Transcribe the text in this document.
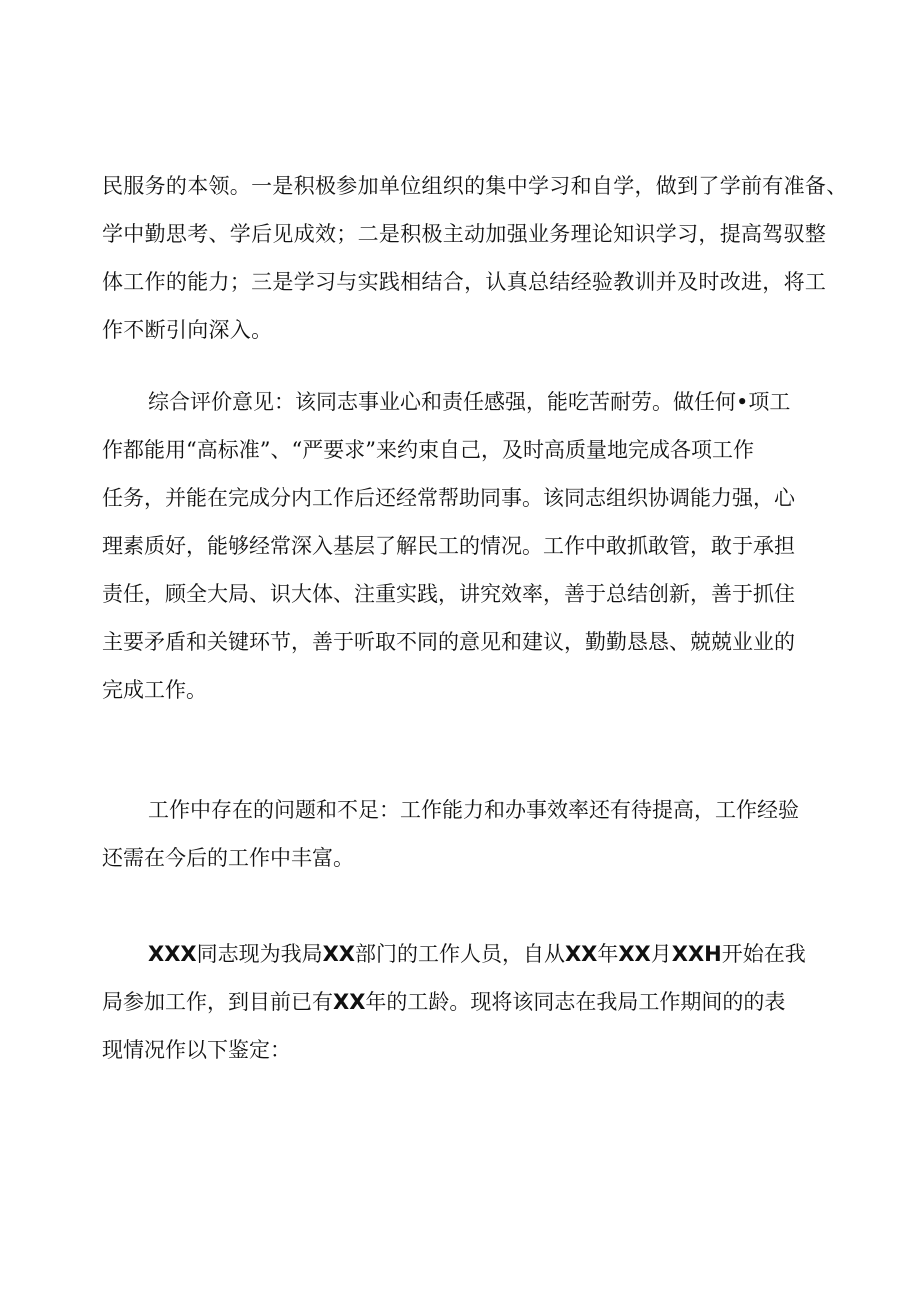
民服务的本领。一是积极参加单位组织的集中学习和自学，做到了学前有准备、
学中勤思考、学后见成效；二是积极主动加强业务理论知识学习，提高驾驭整
体工作的能力；三是学习与实践相结合，认真总结经验教训并及时改进，将工
作不断引向深入。

综合评价意见：该同志事业心和责任感强，能吃苦耐劳。做任何•项工
作都能用“高标准”、“严要求”来约束自己，及时高质量地完成各项工作
任务，并能在完成分内工作后还经常帮助同事。该同志组织协调能力强，心
理素质好，能够经常深入基层了解民工的情况。工作中敢抓敢管，敢于承担
责任，顾全大局、识大体、注重实践，讲究效率，善于总结创新，善于抓住
主要矛盾和关键环节，善于听取不同的意见和建议，勤勤恳恳、兢兢业业的
完成工作。

工作中存在的问题和不足：工作能力和办事效率还有待提高，工作经验
还需在今后的工作中丰富。

XXX同志现为我局XX部门的工作人员，自从XX年XX月XXH开始在我
局参加工作，到目前已有XX年的工龄。现将该同志在我局工作期间的的表
现情况作以下鉴定：
